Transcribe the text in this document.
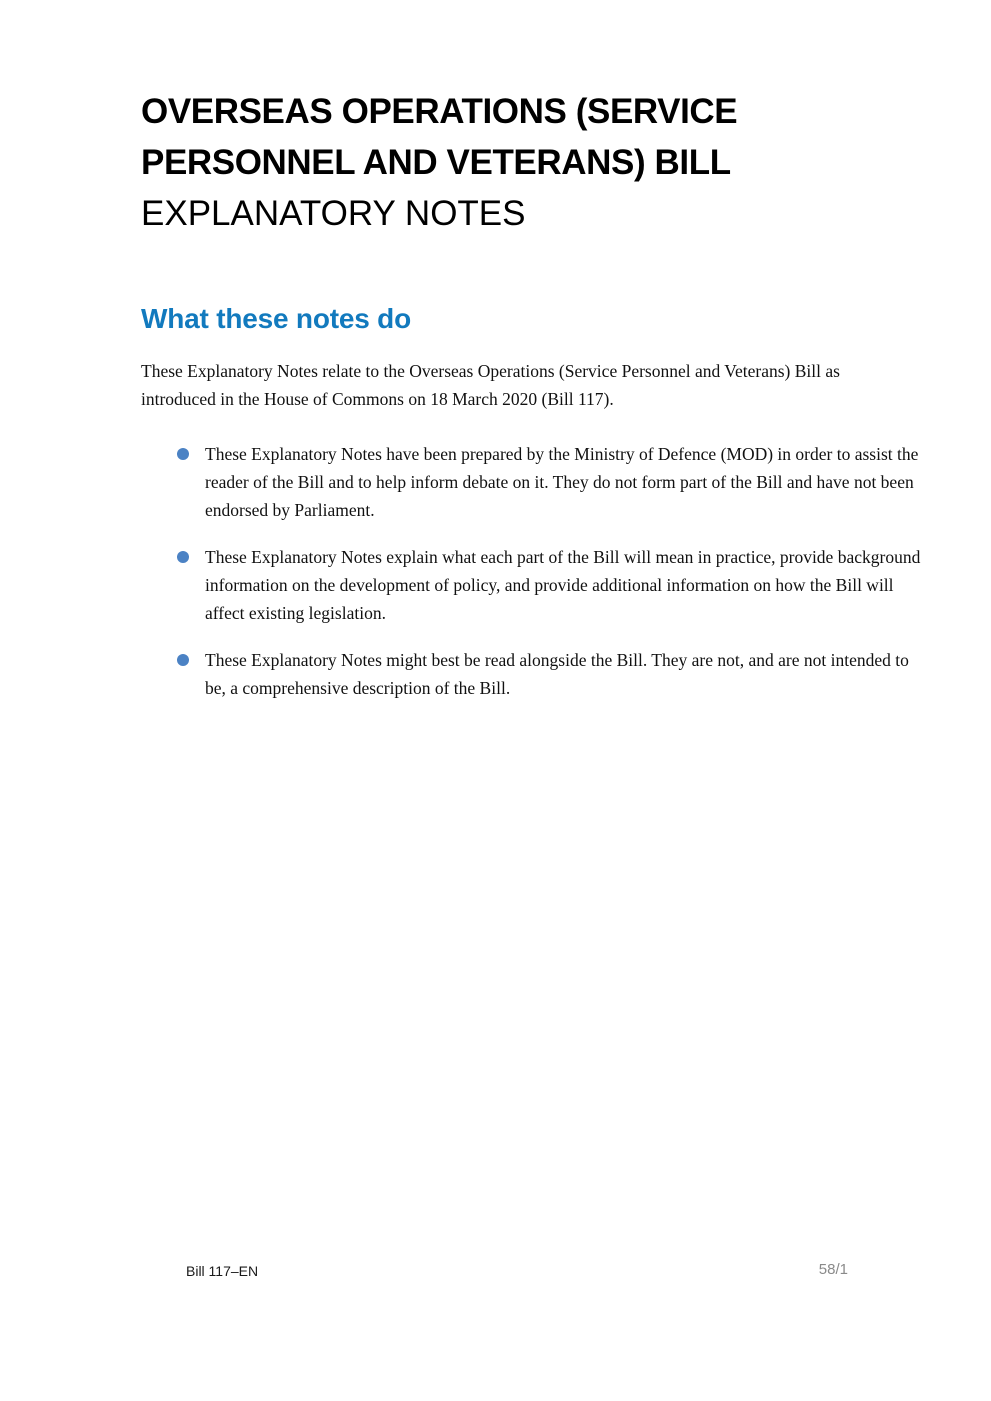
OVERSEAS OPERATIONS (SERVICE
PERSONNEL AND VETERANS) BILL
EXPLANATORY NOTES
What these notes do

These Explanatory Notes relate to the Overseas Operations (Service Personnel and Veterans) Bill as introduced in the House of Commons on 18 March 2020 (Bill 117).

These Explanatory Notes have been prepared by the Ministry of Defence (MOD) in order to assist the reader of the Bill and to help inform debate on it. They do not form part of the Bill and have not been endorsed by Parliament.
These Explanatory Notes explain what each part of the Bill will mean in practice, provide background information on the development of policy, and provide additional information on how the Bill will affect existing legislation.
These Explanatory Notes might best be read alongside the Bill. They are not, and are not intended to be, a comprehensive description of the Bill.
Bill 117–EN	58/1
